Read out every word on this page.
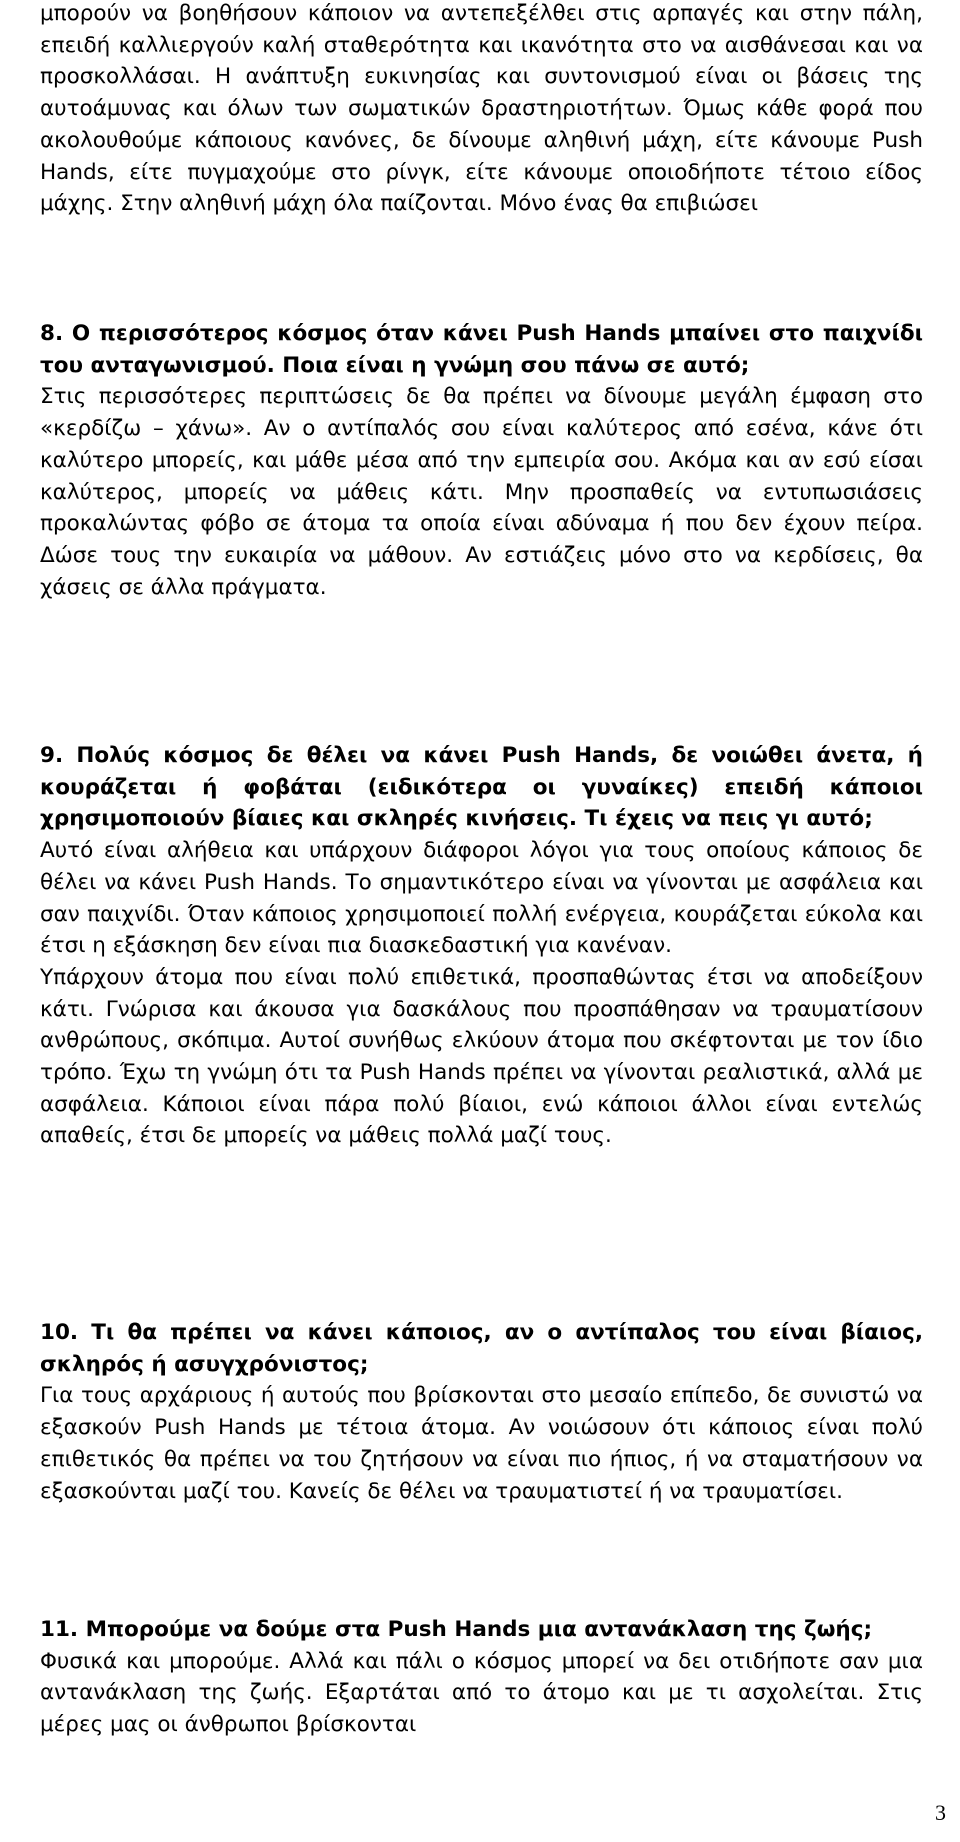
μπορούν να βοηθήσουν κάποιον να αντεπεξέλθει στις αρπαγές και στην πάλη, επειδή καλλιεργούν καλή σταθερότητα και ικανότητα στο να αισθάνεσαι και να προσκολλάσαι. Η ανάπτυξη ευκινησίας και συντονισμού είναι οι βάσεις της αυτοάμυνας και όλων των σωματικών δραστηριοτήτων. Όμως κάθε φορά που ακολουθούμε κάποιους κανόνες, δε δίνουμε αληθινή μάχη, είτε κάνουμε Push Hands, είτε πυγμαχούμε στο ρίνγκ, είτε κάνουμε οποιοδήποτε τέτοιο είδος μάχης. Στην αληθινή μάχη όλα παίζονται. Μόνο ένας θα επιβιώσει

8. Ο περισσότερος κόσμος όταν κάνει Push Hands μπαίνει στο παιχνίδι του ανταγωνισμού. Ποια είναι η γνώμη σου πάνω σε αυτό;

Στις περισσότερες περιπτώσεις δε θα πρέπει να δίνουμε μεγάλη έμφαση στο «κερδίζω – χάνω». Αν ο αντίπαλός σου είναι καλύτερος από εσένα, κάνε ότι καλύτερο μπορείς, και μάθε μέσα από την εμπειρία σου. Ακόμα και αν εσύ είσαι καλύτερος, μπορείς να μάθεις κάτι. Μην προσπαθείς να εντυπωσιάσεις προκαλώντας φόβο σε άτομα τα οποία είναι αδύναμα ή που δεν έχουν πείρα. Δώσε τους την ευκαιρία να μάθουν. Αν εστιάζεις μόνο στο να κερδίσεις, θα χάσεις σε άλλα πράγματα.

9. Πολύς κόσμος δε θέλει να κάνει Push Hands, δε νοιώθει άνετα, ή κουράζεται ή φοβάται (ειδικότερα οι γυναίκες) επειδή κάποιοι χρησιμοποιούν βίαιες και σκληρές κινήσεις. Τι έχεις να πεις γι αυτό;

Αυτό είναι αλήθεια και υπάρχουν διάφοροι λόγοι για τους οποίους κάποιος δε θέλει να κάνει Push Hands. Το σημαντικότερο είναι να γίνονται με ασφάλεια και σαν παιχνίδι. Όταν κάποιος χρησιμοποιεί πολλή ενέργεια, κουράζεται εύκολα και έτσι η εξάσκηση δεν είναι πια διασκεδαστική για κανέναν.

Υπάρχουν άτομα που είναι πολύ επιθετικά, προσπαθώντας έτσι να αποδείξουν κάτι. Γνώρισα και άκουσα για δασκάλους που προσπάθησαν να τραυματίσουν ανθρώπους, σκόπιμα. Αυτοί συνήθως ελκύουν άτομα που σκέφτονται με τον ίδιο τρόπο. Έχω τη γνώμη ότι τα Push Hands πρέπει να γίνονται ρεαλιστικά, αλλά με ασφάλεια. Κάποιοι είναι πάρα πολύ βίαιοι, ενώ κάποιοι άλλοι είναι εντελώς απαθείς, έτσι δε μπορείς να μάθεις πολλά μαζί τους.

10. Τι θα πρέπει να κάνει κάποιος, αν ο αντίπαλος του είναι βίαιος, σκληρός ή ασυγχρόνιστος;

Για τους αρχάριους ή αυτούς που βρίσκονται στο μεσαίο επίπεδο, δε συνιστώ να εξασκούν Push Hands με τέτοια άτομα. Αν νοιώσουν ότι κάποιος είναι πολύ επιθετικός θα πρέπει να του ζητήσουν να είναι πιο ήπιος, ή να σταματήσουν να εξασκούνται μαζί του. Κανείς δε θέλει να τραυματιστεί ή να τραυματίσει.

11. Μπορούμε να δούμε στα Push Hands μια αντανάκλαση της ζωής;

Φυσικά και μπορούμε. Αλλά και πάλι ο κόσμος μπορεί να δει οτιδήποτε σαν μια αντανάκλαση της ζωής. Εξαρτάται από το άτομο και με τι ασχολείται. Στις μέρες μας οι άνθρωποι βρίσκονται

3
